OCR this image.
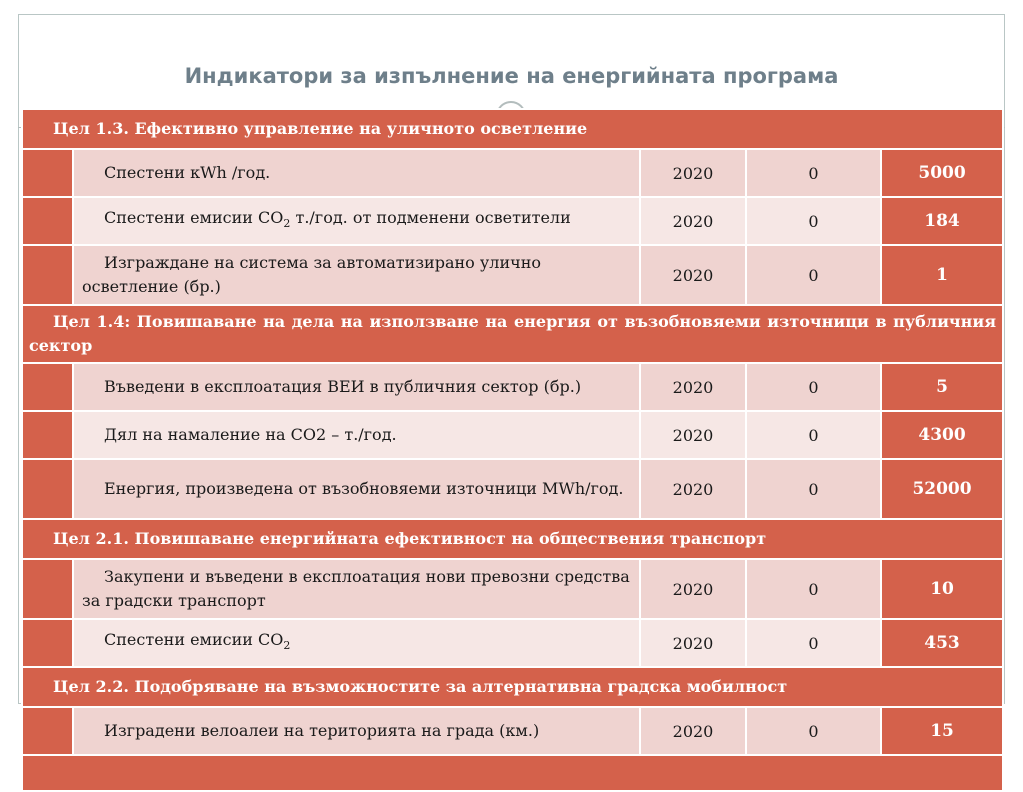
Индикатори за изпълнение на енергийната програма
Цел 1.3. Ефективно управление на уличното осветление				
	Спестени кWh /год.	2020	0	5000
	Спестени емисии $СО_2$ т./год. от подменени осветители	2020	0	184
	Изграждане на система за автоматизирано улично осветление (бр.)	2020	0	1
Цел 1.4: Повишаване на дела на използване на енергия от възобновяеми източници в публичния сектор				
	Въведени в експлоатация ВЕИ в публичния сектор (бр.)	2020	0	5
	Дял на намаление на СО2 – т./год.	2020	0	4300
	Енергия, произведена от възобновяеми източници MWh/год.	2020	0	52000
Цел 2.1. Повишаване енергийната ефективност на обществения транспорт				
	Закупени и въведени в експлоатация нови превозни средства за градски транспорт	2020	0	10
	Спестени емисии $СО_2$	2020	0	453
Цел 2.2. Подобряване на възможностите за алтернативна градска мобилност				
	Изградени велоалеи на територията на града (км.)	2020	0	15
